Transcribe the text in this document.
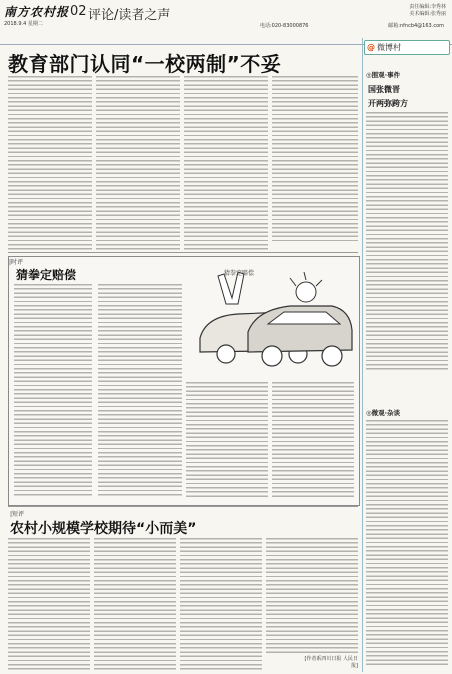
南方农村报
2018.9.4 星期二
02 评论/读者之声
责任编辑:李秀林
美术编辑:张秀丽
电话:020-83000876	邮箱:nfncb4@163.com
教育部门认同“一校两制”不妥
@ 微博村
◎围观·事件
国张微晋
开两弥跨方
◎微观·杂谈
|时评
猜拳定赔偿	猜拳定赔偿
|短评
农村小规模学校期待“小而美”
[作者系四川日报 人民日报]
